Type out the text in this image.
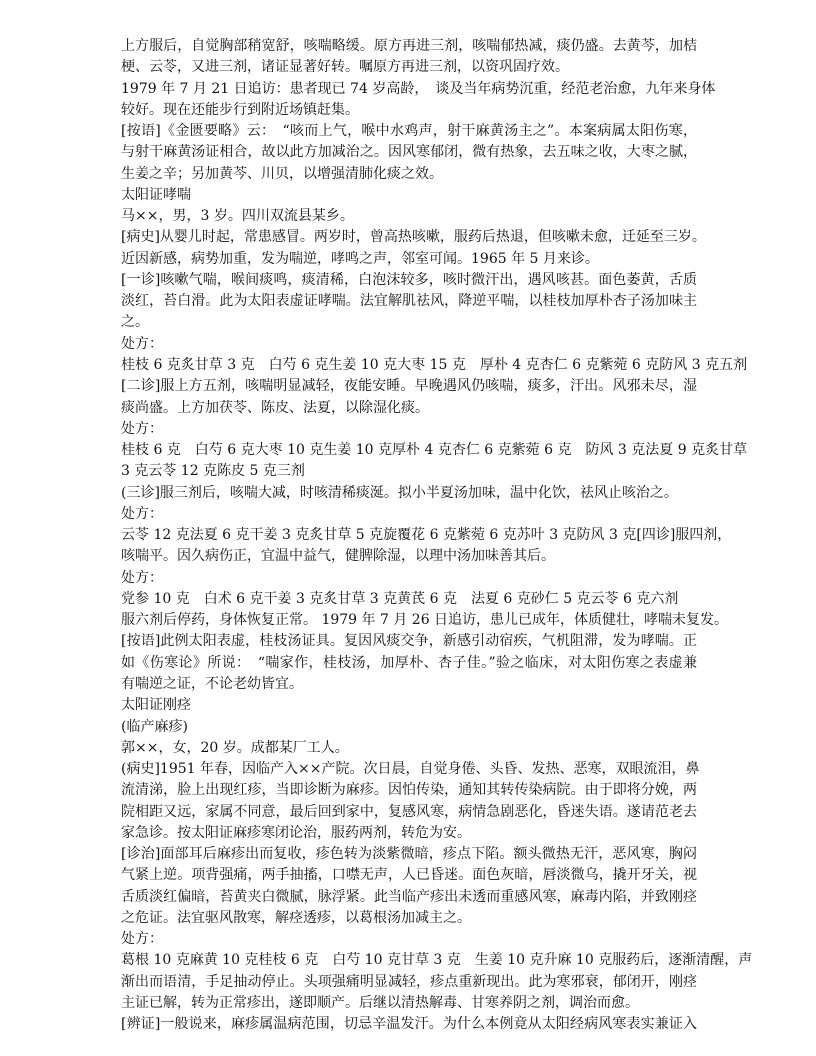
上方服后，自觉胸部稍宽舒，咳喘略缓。原方再进三剂，咳喘郁热减，痰仍盛。去黄芩，加桔
梗、云苓，又进三剂，诸证显著好转。嘱原方再进三剂，以资巩固疗效。
1979 年 7 月 21 日追访：患者现已 74 岁高龄，　谈及当年病势沉重，经范老治愈，九年来身体
较好。现在还能步行到附近场镇赶集。
[按语]《金匮要略》云：　“咳而上气，喉中水鸡声，射干麻黄汤主之”。本案病属太阳伤寒，
与射干麻黄汤证相合，故以此方加减治之。因风寒郁闭，微有热象，去五味之收，大枣之腻，
生姜之辛；另加黄芩、川贝，以增强清肺化痰之效。
太阳证哮喘
马××，男，3 岁。四川双流县某乡。
[病史]从婴儿时起，常患感冒。两岁时，曾高热咳嗽，服药后热退，但咳嗽未愈，迁延至三岁。
近因新感，病势加重，发为喘逆，哮鸣之声，邻室可闻。1965 年 5 月来诊。
[一诊]咳嗽气喘，喉间痰鸣，痰清稀，白泡沫较多，咳时微汗出，遇风咳甚。面色萎黄，舌质
淡红，苔白滑。此为太阳表虚证哮喘。法宜解肌祛风，降逆平喘，以桂枝加厚朴杏子汤加味主
之。
处方：
桂枝 6 克炙甘草 3 克　白芍 6 克生姜 10 克大枣 15 克　厚朴 4 克杏仁 6 克紫菀 6 克防风 3 克五剂
[二诊]服上方五剂，咳喘明显减轻，夜能安睡。早晚遇风仍咳喘，痰多，汗出。风邪未尽，湿
痰尚盛。上方加茯苓、陈皮、法夏，以除湿化痰。
处方：
桂枝 6 克　白芍 6 克大枣 10 克生姜 10 克厚朴 4 克杏仁 6 克紫菀 6 克　防风 3 克法夏 9 克炙甘草
3 克云苓 12 克陈皮 5 克三剂
(三诊]服三剂后，咳喘大减，时咳清稀痰涎。拟小半夏汤加味，温中化饮，祛风止咳治之。
处方：
云苓 12 克法夏 6 克干姜 3 克炙甘草 5 克旋覆花 6 克紫菀 6 克苏叶 3 克防风 3 克[四诊]服四剂，
咳喘平。因久病伤正，宜温中益气，健脾除湿，以理中汤加味善其后。
处方：
党参 10 克　白术 6 克干姜 3 克炙甘草 3 克黄芪 6 克　法夏 6 克砂仁 5 克云苓 6 克六剂
服六剂后停药，身体恢复正常。 1979 年 7 月 26 日追访，患儿已成年，体质健壮，哮喘未复发。
[按语]此例太阳表虚，桂枝汤证具。复因风痰交争，新感引动宿疾，气机阻滞，发为哮喘。正
如《伤寒论》所说：　“喘家作，桂枝汤，加厚朴、杏子佳。”验之临床，对太阳伤寒之表虚兼
有喘逆之证，不论老幼皆宜。
太阳证刚痉
(临产麻疹)
郭××，女，20 岁。成都某厂工人。
(病史]1951 年春，因临产入××产院。次日晨，自觉身倦、头昏、发热、恶寒，双眼流泪，鼻
流清涕，脸上出现红疹，当即诊断为麻疹。因怕传染，通知其转传染病院。由于即将分娩，两
院相距又远，家属不同意，最后回到家中，复感风寒，病情急剧恶化，昏迷失语。遂请范老去
家急诊。按太阳证麻疹寒闭论治，服药两剂，转危为安。
[诊治]面部耳后麻疹出而复收，疹色转为淡紫微暗，疹点下陷。额头微热无汗，恶风寒，胸闷
气紧上逆。项背强痛，两手抽搐，口噤无声，人已昏迷。面色灰暗，唇淡微乌，撬开牙关，视
舌质淡红偏暗，苔黄夹白微腻，脉浮紧。此当临产疹出未透而重感风寒，麻毒内陷，并致刚痉
之危证。法宜驱风散寒，解痉透疹，以葛根汤加减主之。
处方：
葛根 10 克麻黄 10 克桂枝 6 克　白芍 10 克甘草 3 克　生姜 10 克升麻 10 克服药后，逐渐清醒，声
渐出而语清，手足抽动停止。头项强痛明显减轻，疹点重新现出。此为寒邪衰，郁闭开，刚痉
主证已解，转为正常疹出，遂即顺产。后继以清热解毒、甘寒养阴之剂，调治而愈。
[辨证]一般说来，麻疹属温病范围，切忌辛温发汗。为什么本例竟从太阳经病风寒表实兼证入
